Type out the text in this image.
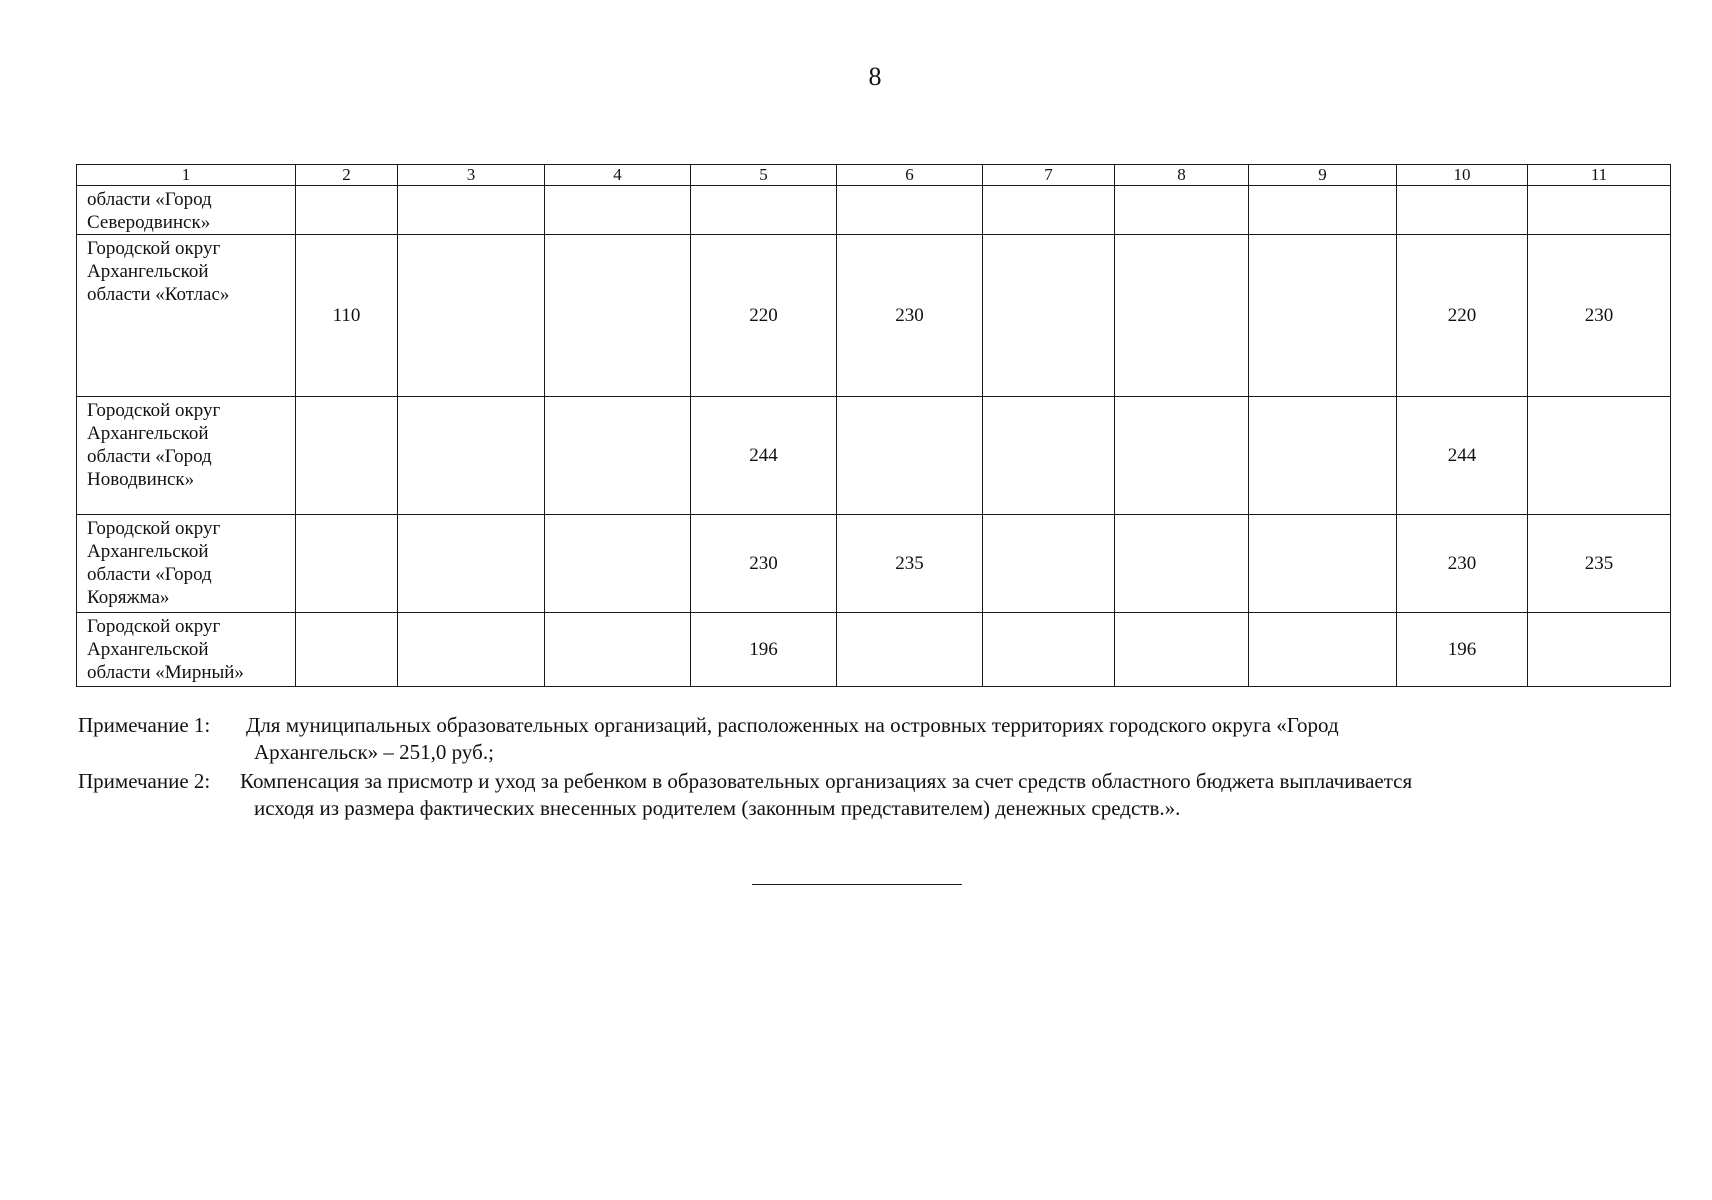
8
1	2	3	4	5	6	7	8	9	10	11

области «Город
Северодвинск»										

Городской округ
Архангельской
области «Котлас»	110			220	230				220	230

Городской округ
Архангельской
области «Город
Новодвинск»				244					244	

Городской округ
Архангельской
области «Город
Коряжма»				230	235				230	235

Городской округ
Архангельской
области «Мирный»				196					196	
Примечание 1:	Для муниципальных образовательных организаций, расположенных на островных территориях городского округа «Город
Архангельск» – 251,0 руб.;
Примечание 2:	Компенсация за присмотр и уход за ребенком в образовательных организациях за счет средств областного бюджета выплачивается
исходя из размера фактических внесенных родителем (законным представителем) денежных средств.».
